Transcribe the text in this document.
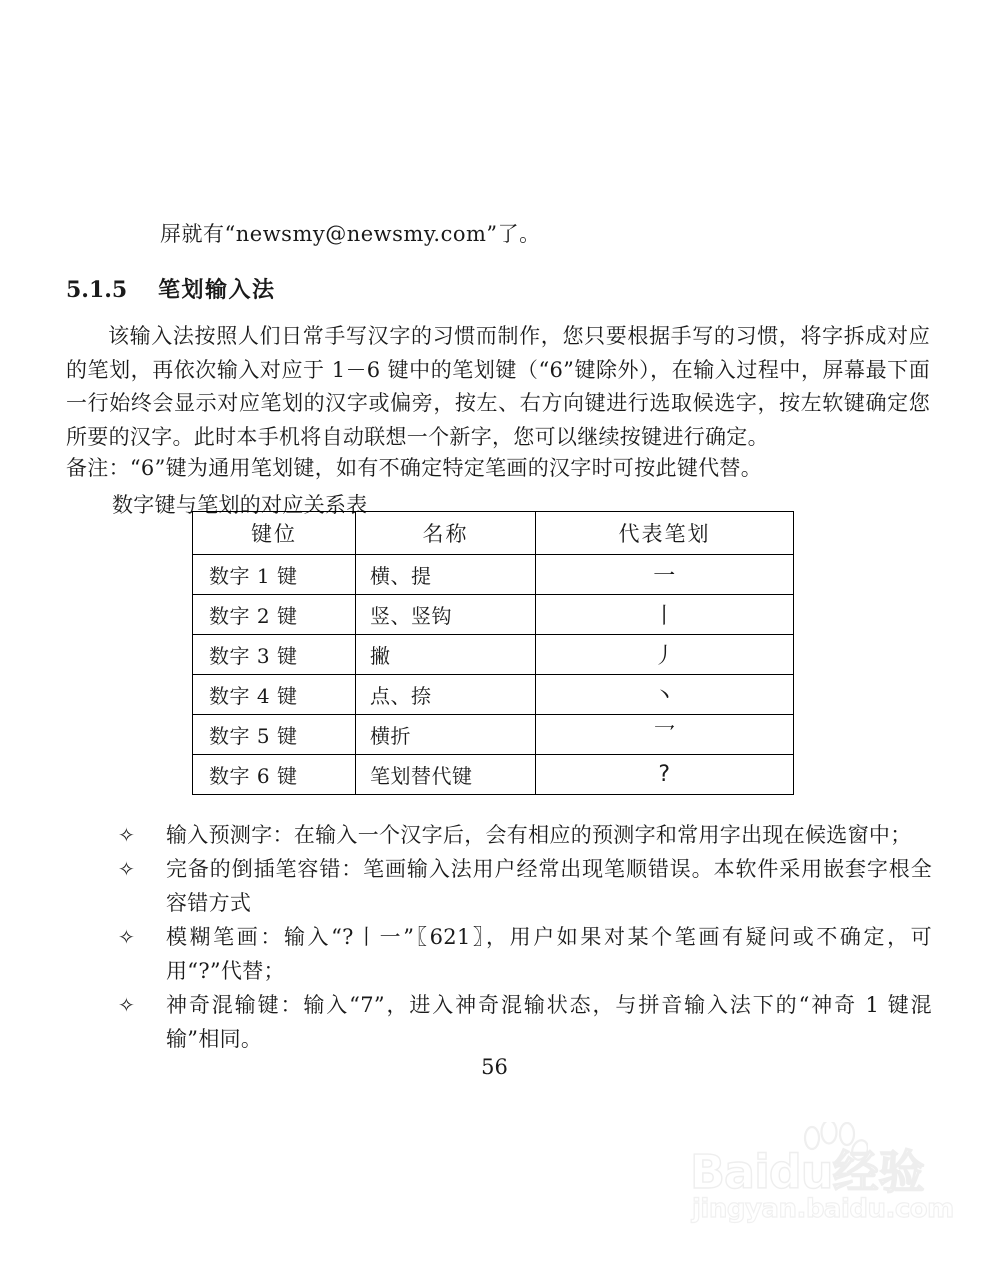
屏就有“newsmy@newsmy.com”了。
5.1.5	笔划输入法
该输入法按照人们日常手写汉字的习惯而制作，您只要根据手写的习惯，将字拆成对应的笔划，再依次输入对应于 1－6 键中的笔划键（“6”键除外），在输入过程中，屏幕最下面一行始终会显示对应笔划的汉字或偏旁，按左、右方向键进行选取候选字，按左软键确定您所要的汉字。此时本手机将自动联想一个新字，您可以继续按键进行确定。
备注：“6”键为通用笔划键，如有不确定特定笔画的汉字时可按此键代替。
数字键与笔划的对应关系表
键位	名称	代表笔划
数字 1 键	横、提	一
数字 2 键	竖、竖钩	丨
数字 3 键	撇	丿
数字 4 键	点、捺	丶
数字 5 键	横折	乛
数字 6 键	笔划替代键	?
✧	输入预测字：在输入一个汉字后，会有相应的预测字和常用字出现在候选窗中；
✧	完备的倒插笔容错：笔画输入法用户经常出现笔顺错误。本软件采用嵌套字根全容错方式
✧	模糊笔画：输入“?丨一”〖621〗，用户如果对某个笔画有疑问或不确定，可用“?”代替；
✧	神奇混输键：输入“7”，进入神奇混输状态，与拼音输入法下的“神奇 1 键混输”相同。
56
Baidu经验
jingyan.baidu.com
